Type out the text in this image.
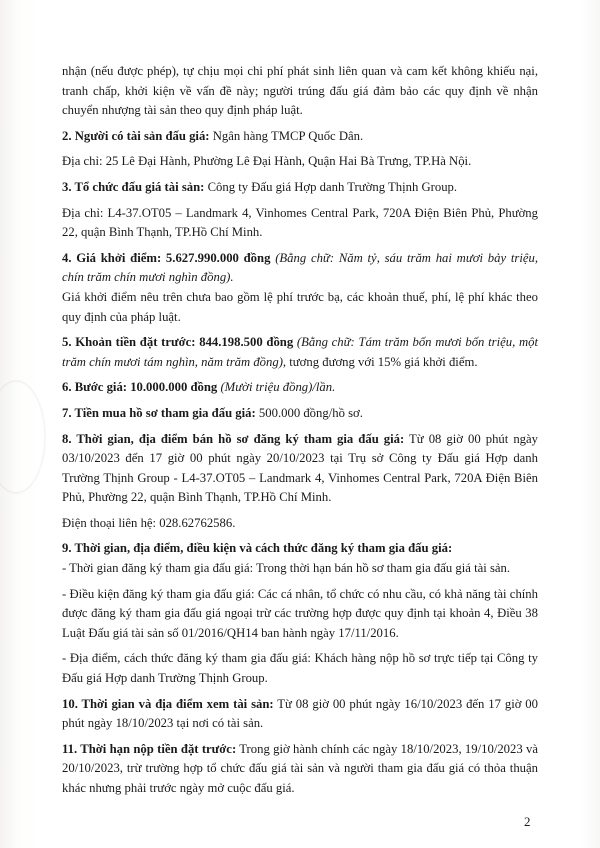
nhận (nếu được phép), tự chịu mọi chi phí phát sinh liên quan và cam kết không khiếu nại, tranh chấp, khởi kiện về vấn đề này; người trúng đấu giá đảm bảo các quy định về nhận chuyển nhượng tài sản theo quy định pháp luật.

2. Người có tài sản đấu giá: Ngân hàng TMCP Quốc Dân.

Địa chỉ: 25 Lê Đại Hành, Phường Lê Đại Hành, Quận Hai Bà Trưng, TP.Hà Nội.

3. Tổ chức đấu giá tài sản: Công ty Đấu giá Hợp danh Trường Thịnh Group.

Địa chỉ: L4-37.OT05 – Landmark 4, Vinhomes Central Park, 720A Điện Biên Phủ, Phường 22, quận Bình Thạnh, TP.Hồ Chí Minh.

4. Giá khởi điểm: 5.627.990.000 đồng (Bằng chữ: Năm tỷ, sáu trăm hai mươi bảy triệu, chín trăm chín mươi nghìn đồng).

Giá khởi điểm nêu trên chưa bao gồm lệ phí trước bạ, các khoản thuế, phí, lệ phí khác theo quy định của pháp luật.

5. Khoản tiền đặt trước: 844.198.500 đồng (Bằng chữ: Tám trăm bốn mươi bốn triệu, một trăm chín mươi tám nghìn, năm trăm đồng), tương đương với 15% giá khởi điểm.

6. Bước giá: 10.000.000 đồng (Mười triệu đồng)/lần.

7. Tiền mua hồ sơ tham gia đấu giá: 500.000 đồng/hồ sơ.

8. Thời gian, địa điểm bán hồ sơ đăng ký tham gia đấu giá: Từ 08 giờ 00 phút ngày 03/10/2023 đến 17 giờ 00 phút ngày 20/10/2023 tại Trụ sở Công ty Đấu giá Hợp danh Trường Thịnh Group - L4-37.OT05 – Landmark 4, Vinhomes Central Park, 720A Điện Biên Phủ, Phường 22, quận Bình Thạnh, TP.Hồ Chí Minh.

Điện thoại liên hệ: 028.62762586.

9. Thời gian, địa điểm, điều kiện và cách thức đăng ký tham gia đấu giá:

- Thời gian đăng ký tham gia đấu giá: Trong thời hạn bán hồ sơ tham gia đấu giá tài sản.

- Điều kiện đăng ký tham gia đấu giá: Các cá nhân, tổ chức có nhu cầu, có khả năng tài chính được đăng ký tham gia đấu giá ngoại trừ các trường hợp được quy định tại khoản 4, Điều 38 Luật Đấu giá tài sản số 01/2016/QH14 ban hành ngày 17/11/2016.

- Địa điểm, cách thức đăng ký tham gia đấu giá: Khách hàng nộp hồ sơ trực tiếp tại Công ty Đấu giá Hợp danh Trường Thịnh Group.

10. Thời gian và địa điểm xem tài sản: Từ 08 giờ 00 phút ngày 16/10/2023 đến 17 giờ 00 phút ngày 18/10/2023 tại nơi có tài sản.

11. Thời hạn nộp tiền đặt trước: Trong giờ hành chính các ngày 18/10/2023, 19/10/2023 và 20/10/2023, trừ trường hợp tổ chức đấu giá tài sản và người tham gia đấu giá có thỏa thuận khác nhưng phải trước ngày mở cuộc đấu giá.

2
